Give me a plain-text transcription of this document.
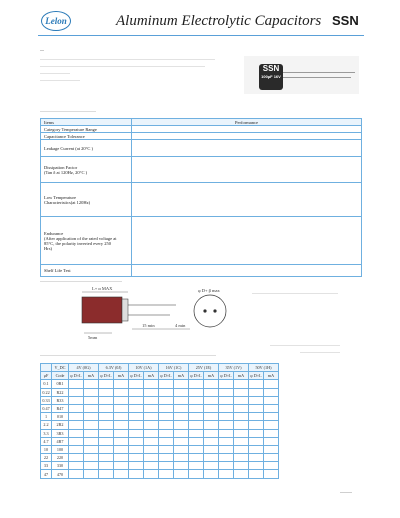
Lelon	Aluminum Electrolytic Capacitors SSN
SSN
100µF 16V
Items	Performance
Category Temperature Range	
Capacitance Tolerance	
Leakage Current (at 20°C )	

Dissipation Factor
(Tan δ at 120Hz, 20°C )	

Low Temperature
Characteristics(at 120Hz)	

Endurance
(After application of the rated voltage at
85°C, the polarity inverted every 250
Hrs)	

Shelf Life Test	
L+ α MAX
15 min	4 min
5mm
φ D+ β max
	V_DC	4V (0G)		6.3V (0J)		10V (1A)		16V (1C)		25V (1E)		35V (1V)		50V (1H)	
µF	Code	φ D×L	mA	φ D×L	mA	φ D×L	mA	φ D×L	mA	φ D×L	mA	φ D×L	mA	φ D×L	mA
0.1	0R1														
0.22	R22														
0.33	R33														
0.47	R47														
1	010														
2.2	2R2														
3.3	3R3														
4.7	4R7														
10	100														
22	220														
33	330														
47	470														
